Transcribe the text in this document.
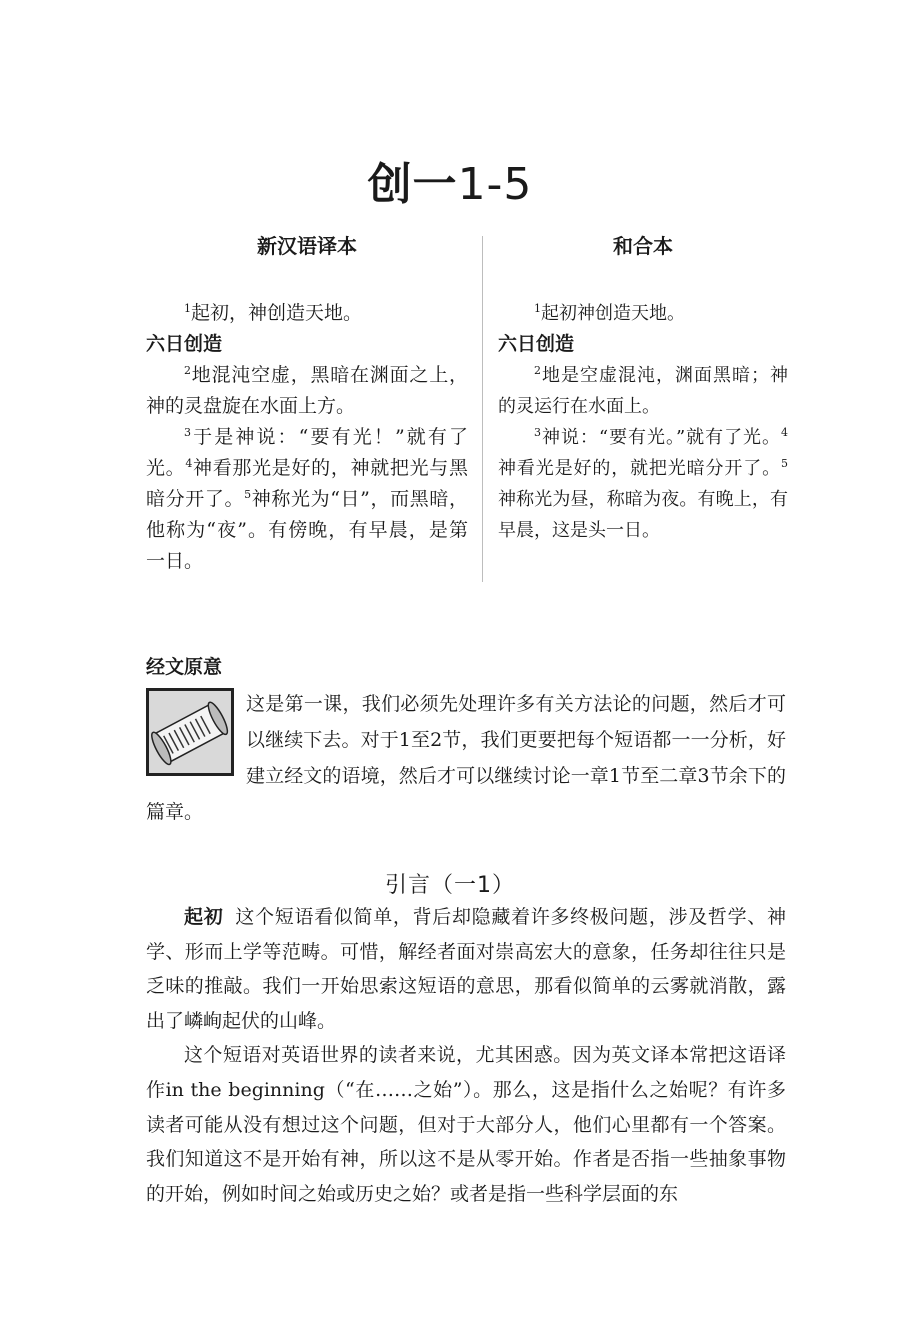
创一1-5
新汉语译本

$^1$起初，神创造天地。

六日创造

$^2$地混沌空虚，黑暗在渊面之上，神的灵盘旋在水面上方。

$^3$于是神说：“要有光！”就有了光。$^4$神看那光是好的，神就把光与黑暗分开了。$^5$神称光为“日”，而黑暗，他称为“夜”。有傍晚，有早晨，是第一日。

和合本

$^1$起初神创造天地。

六日创造

$^2$地是空虚混沌，渊面黑暗；神的灵运行在水面上。

$^3$神说：“要有光。”就有了光。$^4$神看光是好的，就把光暗分开了。$^5$神称光为昼，称暗为夜。有晚上，有早晨，这是头一日。

经文原意
这是第一课，我们必须先处理许多有关方法论的问题，然后才可以继续下去。对于1至2节，我们更要把每个短语都一一分析，好建立经文的语境，然后才可以继续讨论一章1节至二章3节余下的篇章。
引言（一1）

起初 这个短语看似简单，背后却隐藏着许多终极问题，涉及哲学、神学、形而上学等范畴。可惜，解经者面对崇高宏大的意象，任务却往往只是乏味的推敲。我们一开始思索这短语的意思，那看似简单的云雾就消散，露出了嶙峋起伏的山峰。

这个短语对英语世界的读者来说，尤其困惑。因为英文译本常把这语译作in the beginning（“在……之始”）。那么，这是指什么之始呢？有许多读者可能从没有想过这个问题，但对于大部分人，他们心里都有一个答案。我们知道这不是开始有神，所以这不是从零开始。作者是否指一些抽象事物的开始，例如时间之始或历史之始？或者是指一些科学层面的东
